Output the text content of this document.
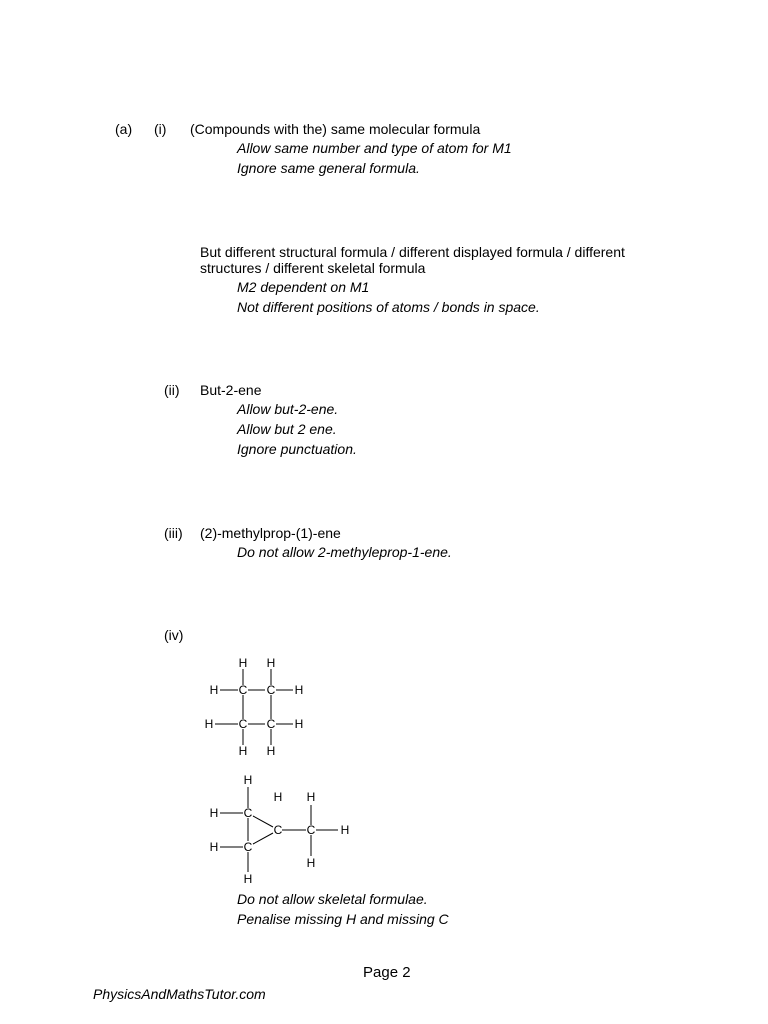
(a) (i) (Compounds with the) same molecular formula
Allow same number and type of atom for M1
Ignore same general formula.
But different structural formula / different displayed formula / different structures / different skeletal formula
M2 dependent on M1
Not different positions of atoms / bonds in space.
(ii) But-2-ene
Allow but-2-ene.
Allow but 2 ene.
Ignore punctuation.
(iii) (2)-methylprop-(1)-ene
Do not allow 2-methyleprop-1-ene.
(iv)
C C
C C
H H
H H
H	H
H	H
C
C
C C
H
H
H
H
H H
H
H
Do not allow skeletal formulae.
Penalise missing H and missing C
Page 2
PhysicsAndMathsTutor.com
